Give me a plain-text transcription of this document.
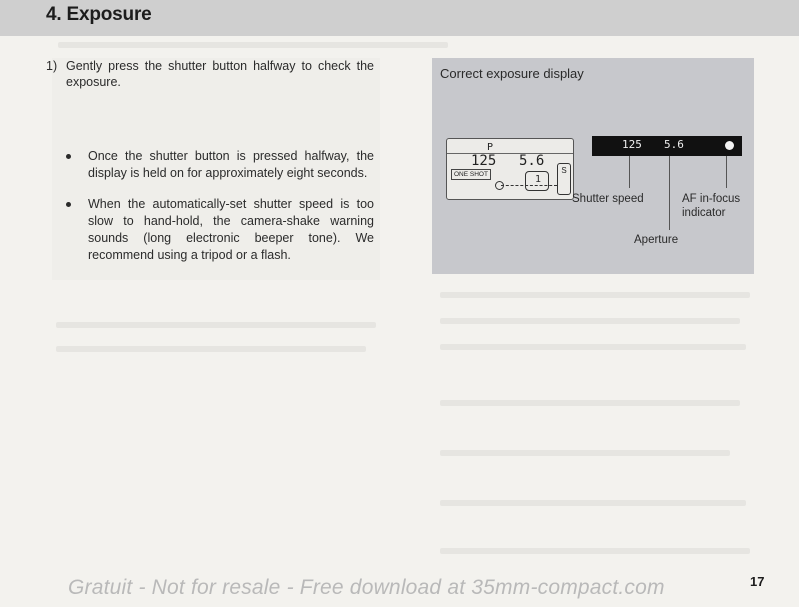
4. Exposure
1) Gently press the shutter button halfway to check the exposure.
Once the shutter button is pressed halfway, the display is held on for approximately eight seconds.
When the automatically-set shutter speed is too slow to hand-hold, the camera-shake warning sounds (long electronic beeper tone). We recommend using a tripod or a flash.
Correct exposure display
P
125 5.6
ONE SHOT	1
S
125 5.6
Shutter speed	AF in-focus indicator
Aperture
17
Gratuit - Not for resale - Free download at 35mm-compact.com
